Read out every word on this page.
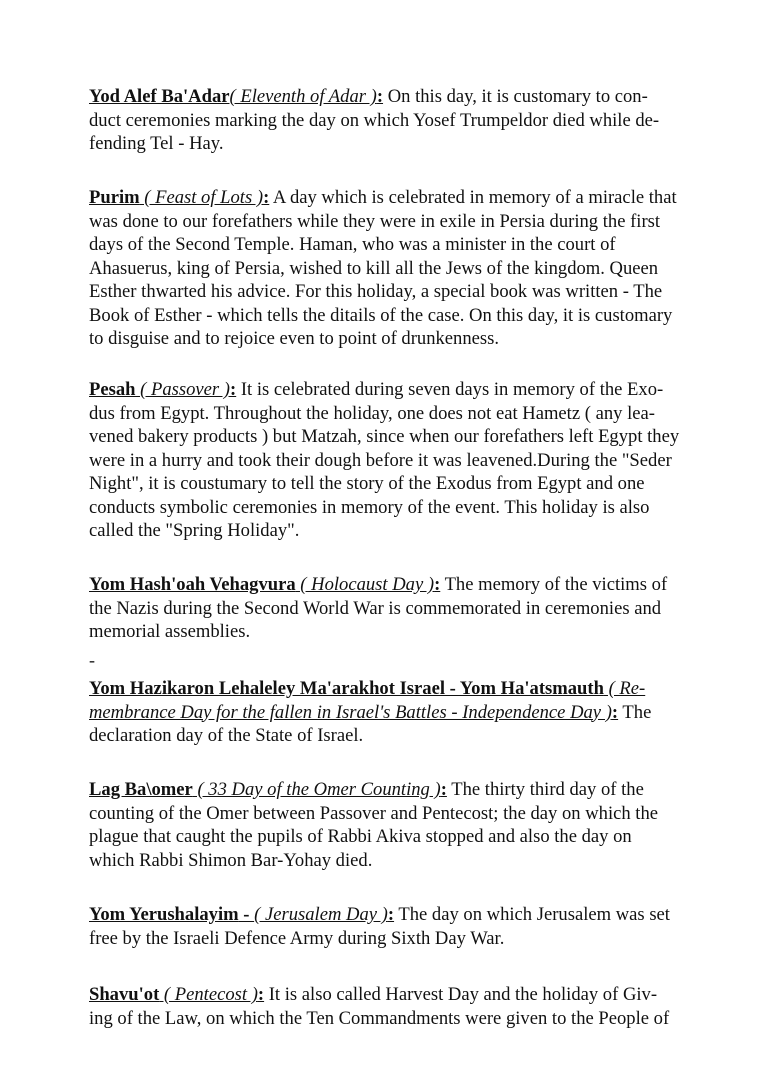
Yod Alef Ba'Adar( Eleventh of Adar ): On this day, it is customary to con-
duct ceremonies marking the day on which Yosef Trumpeldor died while de-
fending Tel - Hay.

Purim ( Feast of Lots ): A day which is celebrated in memory of a miracle that
was done to our forefathers while they were in exile in Persia during the first
days of the Second Temple. Haman, who was a minister in the court of
Ahasuerus, king of Persia, wished to kill all the Jews of the kingdom. Queen
Esther thwarted his advice. For this holiday, a special book was written - The
Book of Esther - which tells the ditails of the case. On this day, it is customary
to disguise and to rejoice even to point of drunkenness.

Pesah ( Passover ): It is celebrated during seven days in memory of the Exo-
dus from Egypt. Throughout the holiday, one does not eat Hametz ( any lea-
vened bakery products ) but Matzah, since when our forefathers left Egypt they
were in a hurry and took their dough before it was leavened.During the "Seder
Night", it is coustumary to tell the story of the Exodus from Egypt and one
conducts symbolic ceremonies in memory of the event. This holiday is also
called the "Spring Holiday".

Yom Hash'oah Vehagvura ( Holocaust Day ): The memory of the victims of
the Nazis during the Second World War is commemorated in ceremonies and
memorial assemblies.

-

Yom Hazikaron Lehaleley Ma'arakhot Israel - Yom Ha'atsmauth ( Re-
membrance Day for the fallen in Israel's Battles - Independence Day ): The
declaration day of the State of Israel.

Lag Ba\omer ( 33 Day of the Omer Counting ): The thirty third day of the
counting of the Omer between Passover and Pentecost; the day on which the
plague that caught the pupils of Rabbi Akiva stopped and also the day on
which Rabbi Shimon Bar-Yohay died.

Yom Yerushalayim - ( Jerusalem Day ): The day on which Jerusalem was set
free by the Israeli Defence Army during Sixth Day War.

Shavu'ot ( Pentecost ): It is also called Harvest Day and the holiday of Giv-
ing of the Law, on which the Ten Commandments were given to the People of
